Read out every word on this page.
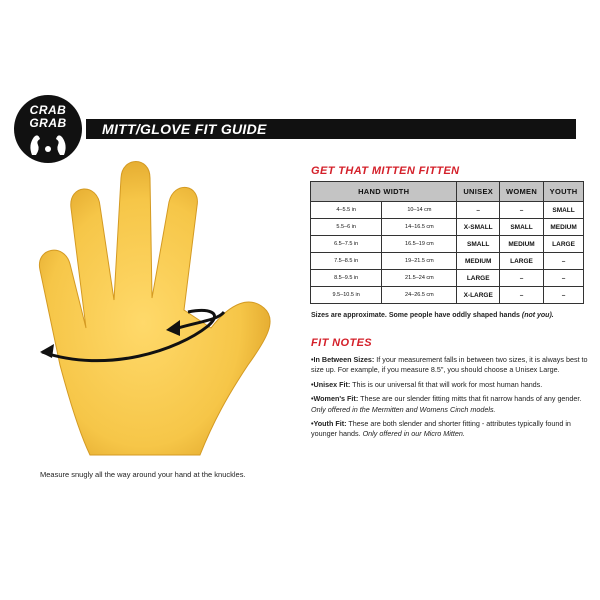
CRAB
GRAB	MITT/GLOVE FIT GUIDE
Measure snugly all the way around your hand at the knuckles.
GET THAT MITTEN FITTEN
HAND WIDTH		UNISEX	WOMEN	YOUTH
4–5.5 in	10–14 cm	–	–	SMALL
5.5–6 in	14–16.5 cm	X-SMALL	SMALL	MEDIUM
6.5–7.5 in	16.5–19 cm	SMALL	MEDIUM	LARGE
7.5–8.5 in	19–21.5 cm	MEDIUM	LARGE	–
8.5–9.5 in	21.5–24 cm	LARGE	–	–
9.5–10.5 in	24–26.5 cm	X-LARGE	–	–
Sizes are approximate. Some people have oddly shaped hands (not you).
FIT NOTES
•In Between Sizes: If your measurement falls in between two sizes, it is always best to size up. For example, if you measure 8.5", you should choose a Unisex Large.
•Unisex Fit: This is our universal fit that will work for most human hands.
•Women's Fit: These are our slender fitting mitts that fit narrow hands of any gender. Only offered in the Mermitten and Womens Cinch models.
•Youth Fit: These are both slender and shorter fitting - attributes typically found in younger hands. Only offered in our Micro Mitten.
